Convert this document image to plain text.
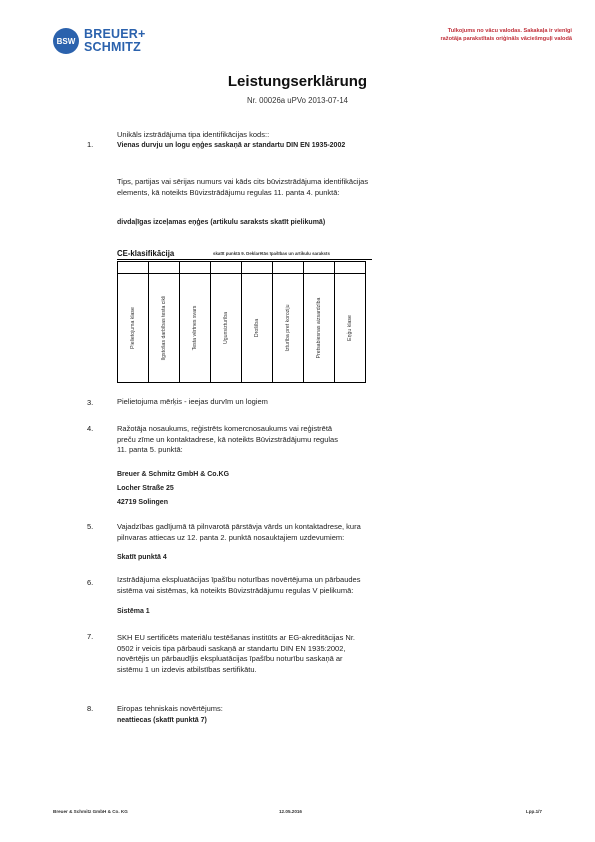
BSW BREUER+
SCHMITZ
Tulkojums no vācu valodas. Sakakaļa ir vienīgi
ražotāja parakstītais oriģināls vāciešmguļi valodā
Leistungserklärung
Nr. 00026a uPVo 2013-07-14
1.
Unikāls izstrādājuma tipa identifikācijas kods::
Vienas durvju un logu eņģes saskaņā ar standartu DIN EN 1935-2002
Tips, partijas vai sērijas numurs vai kāds cits būvizstrādājuma identifikācijas
elements, kā noteikts Būvizstrādājumu regulas 11. panta 4. punktā:
divdaļīgas izceļamas eņģes (artikulu saraksts skatīt pielikumā)
CE-klasifikācija	skatīt punktā 9. Deklarētās īpašības un artikulu saraksts

Pielietojuma klase	Ilgstošas darbības testa cikli	Testa vērtnes svars	Ugunsizturība	Drošība	Izturība pret koroziju	Pretsabiesnas aizsardzība	Eņģu klase
3.	Pielietojuma mērķis - ieejas durvīm un logiem
4.	Ražotāja nosaukums, reģistrēts komercnosaukums vai reģistrētā
preču zīme un kontaktadrese, kā noteikts Būvizstrādājumu regulas
11. panta 5. punktā:
Breuer & Schmitz GmbH & Co.KG
Locher Straße 25
42719 Solingen
5.	Vajadzības gadījumā tā pilnvarotā pārstāvja vārds un kontaktadrese, kura
pilnvaras attiecas uz 12. panta 2. punktā nosauktajiem uzdevumiem:
Skatīt punktā 4
6.	Izstrādājuma ekspluatācijas īpašību noturības novērtējuma un pārbaudes
sistēma vai sistēmas, kā noteikts Būvizstrādājumu regulas V pielikumā:
Sistēma 1
7.	SKH EU sertificēts materiālu testēšanas institūts ar EG-akreditācijas Nr.
0502 ir veicis tipa pārbaudi saskaņā ar standartu DIN EN 1935:2002,
novērtējis un pārbaudījis ekspluatācijas īpašību noturību saskaņā ar
sistēmu 1 un izdevis atbilstības sertifikātu.
8.	Eiropas tehniskais novērtējums:
neattiecas (skatīt punktā 7)
Breuer & Schmitz GmbH & Co. KG	12.05.2016	Lpp.1/7
